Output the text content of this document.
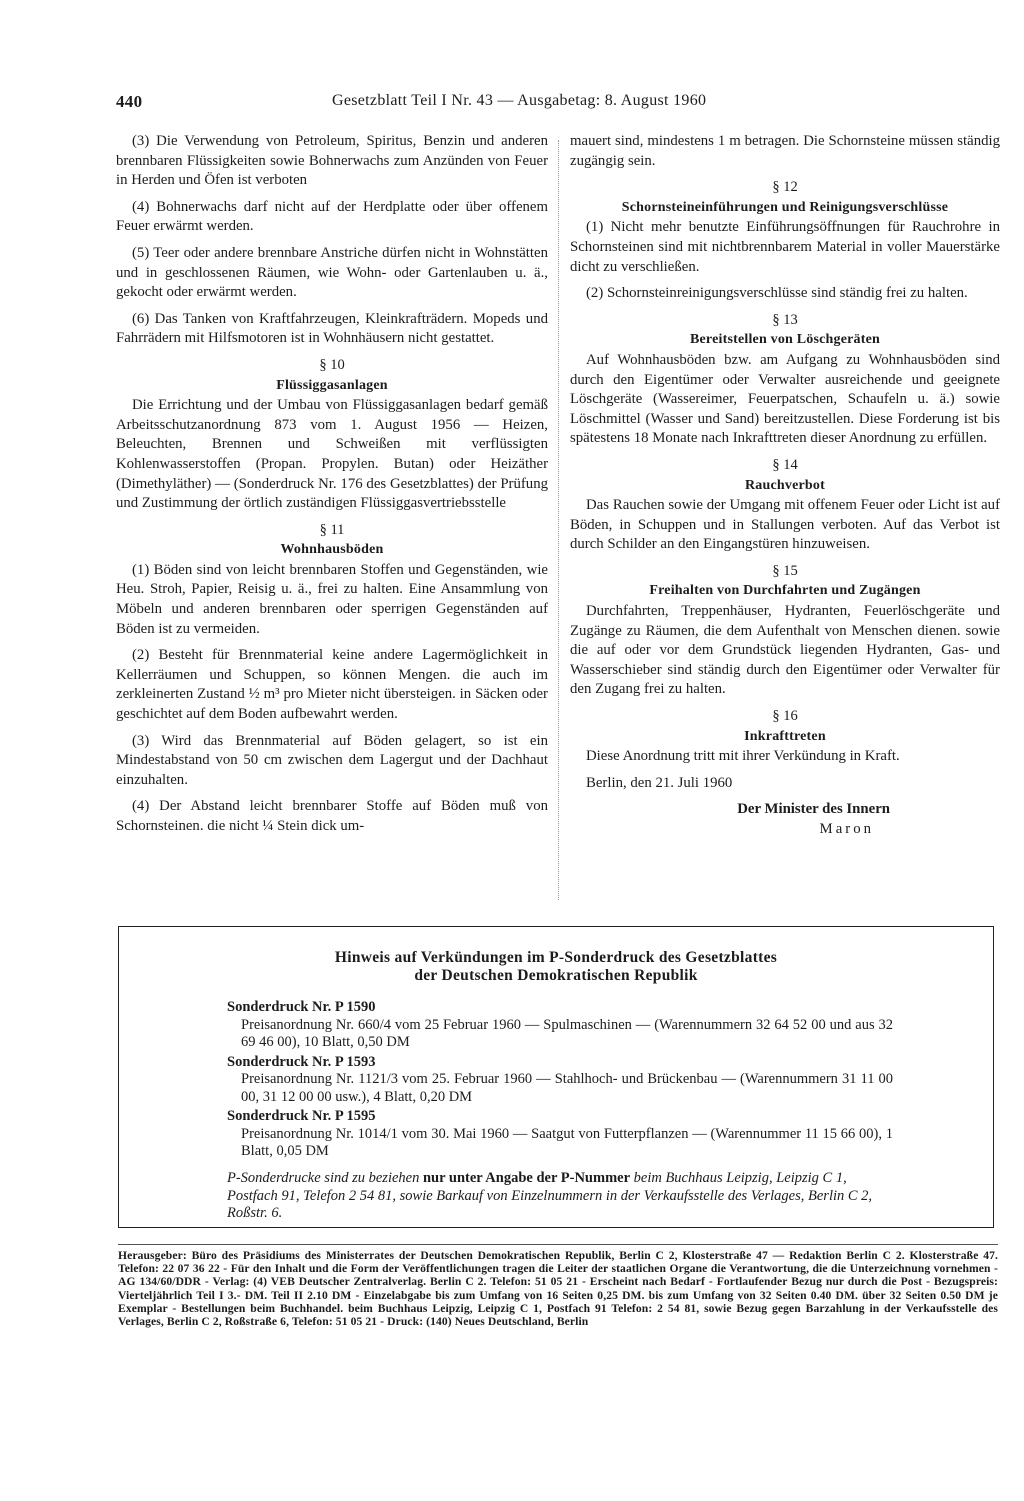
440	Gesetzblatt Teil I Nr. 43 — Ausgabetag: 8. August 1960

(3) Die Verwendung von Petroleum, Spiritus, Benzin und anderen brennbaren Flüssigkeiten sowie Bohnerwachs zum Anzünden von Feuer in Herden und Öfen ist verboten

(4) Bohnerwachs darf nicht auf der Herdplatte oder über offenem Feuer erwärmt werden.

(5) Teer oder andere brennbare Anstriche dürfen nicht in Wohnstätten und in geschlossenen Räumen, wie Wohn- oder Gartenlauben u. ä., gekocht oder erwärmt werden.

(6) Das Tanken von Kraftfahrzeugen, Kleinkrafträdern. Mopeds und Fahrrädern mit Hilfsmotoren ist in Wohnhäusern nicht gestattet.

§ 10
Flüssiggasanlagen

Die Errichtung und der Umbau von Flüssiggasanlagen bedarf gemäß Arbeitsschutzanordnung 873 vom 1. August 1956 — Heizen, Beleuchten, Brennen und Schweißen mit verflüssigten Kohlenwasserstoffen (Propan. Propylen. Butan) oder Heizäther (Dimethyläther) — (Sonderdruck Nr. 176 des Gesetzblattes) der Prüfung und Zustimmung der örtlich zuständigen Flüssiggasvertriebsstelle

§ 11
Wohnhausböden

(1) Böden sind von leicht brennbaren Stoffen und Gegenständen, wie Heu. Stroh, Papier, Reisig u. ä., frei zu halten. Eine Ansammlung von Möbeln und anderen brennbaren oder sperrigen Gegenständen auf Böden ist zu vermeiden.

(2) Besteht für Brennmaterial keine andere Lagermöglichkeit in Kellerräumen und Schuppen, so können Mengen. die auch im zerkleinerten Zustand ½ m³ pro Mieter nicht übersteigen. in Säcken oder geschichtet auf dem Boden aufbewahrt werden.

(3) Wird das Brennmaterial auf Böden gelagert, so ist ein Mindestabstand von 50 cm zwischen dem Lagergut und der Dachhaut einzuhalten.

(4) Der Abstand leicht brennbarer Stoffe auf Böden muß von Schornsteinen. die nicht ¼ Stein dick um-

mauert sind, mindestens 1 m betragen. Die Schornsteine müssen ständig zugängig sein.

§ 12
Schornsteineinführungen und Reinigungsverschlüsse

(1) Nicht mehr benutzte Einführungsöffnungen für Rauchrohre in Schornsteinen sind mit nichtbrennbarem Material in voller Mauerstärke dicht zu verschließen.

(2) Schornsteinreinigungsverschlüsse sind ständig frei zu halten.

§ 13
Bereitstellen von Löschgeräten

Auf Wohnhausböden bzw. am Aufgang zu Wohnhausböden sind durch den Eigentümer oder Verwalter ausreichende und geeignete Löschgeräte (Wassereimer, Feuerpatschen, Schaufeln u. ä.) sowie Löschmittel (Wasser und Sand) bereitzustellen. Diese Forderung ist bis spätestens 18 Monate nach Inkrafttreten dieser Anordnung zu erfüllen.

§ 14
Rauchverbot

Das Rauchen sowie der Umgang mit offenem Feuer oder Licht ist auf Böden, in Schuppen und in Stallungen verboten. Auf das Verbot ist durch Schilder an den Eingangstüren hinzuweisen.

§ 15
Freihalten von Durchfahrten und Zugängen

Durchfahrten, Treppenhäuser, Hydranten, Feuerlöschgeräte und Zugänge zu Räumen, die dem Aufenthalt von Menschen dienen. sowie die auf oder vor dem Grundstück liegenden Hydranten, Gas- und Wasserschieber sind ständig durch den Eigentümer oder Verwalter für den Zugang frei zu halten.

§ 16
Inkrafttreten

Diese Anordnung tritt mit ihrer Verkündung in Kraft.

Berlin, den 21. Juli 1960

Der Minister des Innern

Maron

Hinweis auf Verkündungen im P-Sonderdruck des Gesetzblattes
der Deutschen Demokratischen Republik
Sonderdruck Nr. P 1590
Preisanordnung Nr. 660/4 vom 25 Februar 1960 — Spulmaschinen — (Warennummern 32 64 52 00 und aus 32 69 46 00), 10 Blatt, 0,50 DM
Sonderdruck Nr. P 1593
Preisanordnung Nr. 1121/3 vom 25. Februar 1960 — Stahlhoch- und Brückenbau — (Warennummern 31 11 00 00, 31 12 00 00 usw.), 4 Blatt, 0,20 DM
Sonderdruck Nr. P 1595
Preisanordnung Nr. 1014/1 vom 30. Mai 1960 — Saatgut von Futterpflanzen — (Warennummer 11 15 66 00), 1 Blatt, 0,05 DM
P-Sonderdrucke sind zu beziehen nur unter Angabe der P-Nummer beim Buchhaus Leipzig, Leipzig C 1, Postfach 91, Telefon 2 54 81, sowie Barkauf von Einzelnummern in der Verkaufsstelle des Verlages, Berlin C 2, Roßstr. 6.
Herausgeber: Büro des Präsidiums des Ministerrates der Deutschen Demokratischen Republik, Berlin C 2, Klosterstraße 47 — Redaktion Berlin C 2. Klosterstraße 47. Telefon: 22 07 36 22 - Für den Inhalt und die Form der Veröffentlichungen tragen die Leiter der staatlichen Organe die Verantwortung, die die Unterzeichnung vornehmen - AG 134/60/DDR - Verlag: (4) VEB Deutscher Zentralverlag. Berlin C 2. Telefon: 51 05 21 - Erscheint nach Bedarf - Fortlaufender Bezug nur durch die Post - Bezugspreis: Vierteljährlich Teil I 3.- DM. Teil II 2.10 DM - Einzelabgabe bis zum Umfang von 16 Seiten 0,25 DM. bis zum Umfang von 32 Seiten 0.40 DM. über 32 Seiten 0.50 DM je Exemplar - Bestellungen beim Buchhandel. beim Buchhaus Leipzig, Leipzig C 1, Postfach 91 Telefon: 2 54 81, sowie Bezug gegen Barzahlung in der Verkaufsstelle des Verlages, Berlin C 2, Roßstraße 6, Telefon: 51 05 21 - Druck: (140) Neues Deutschland, Berlin
